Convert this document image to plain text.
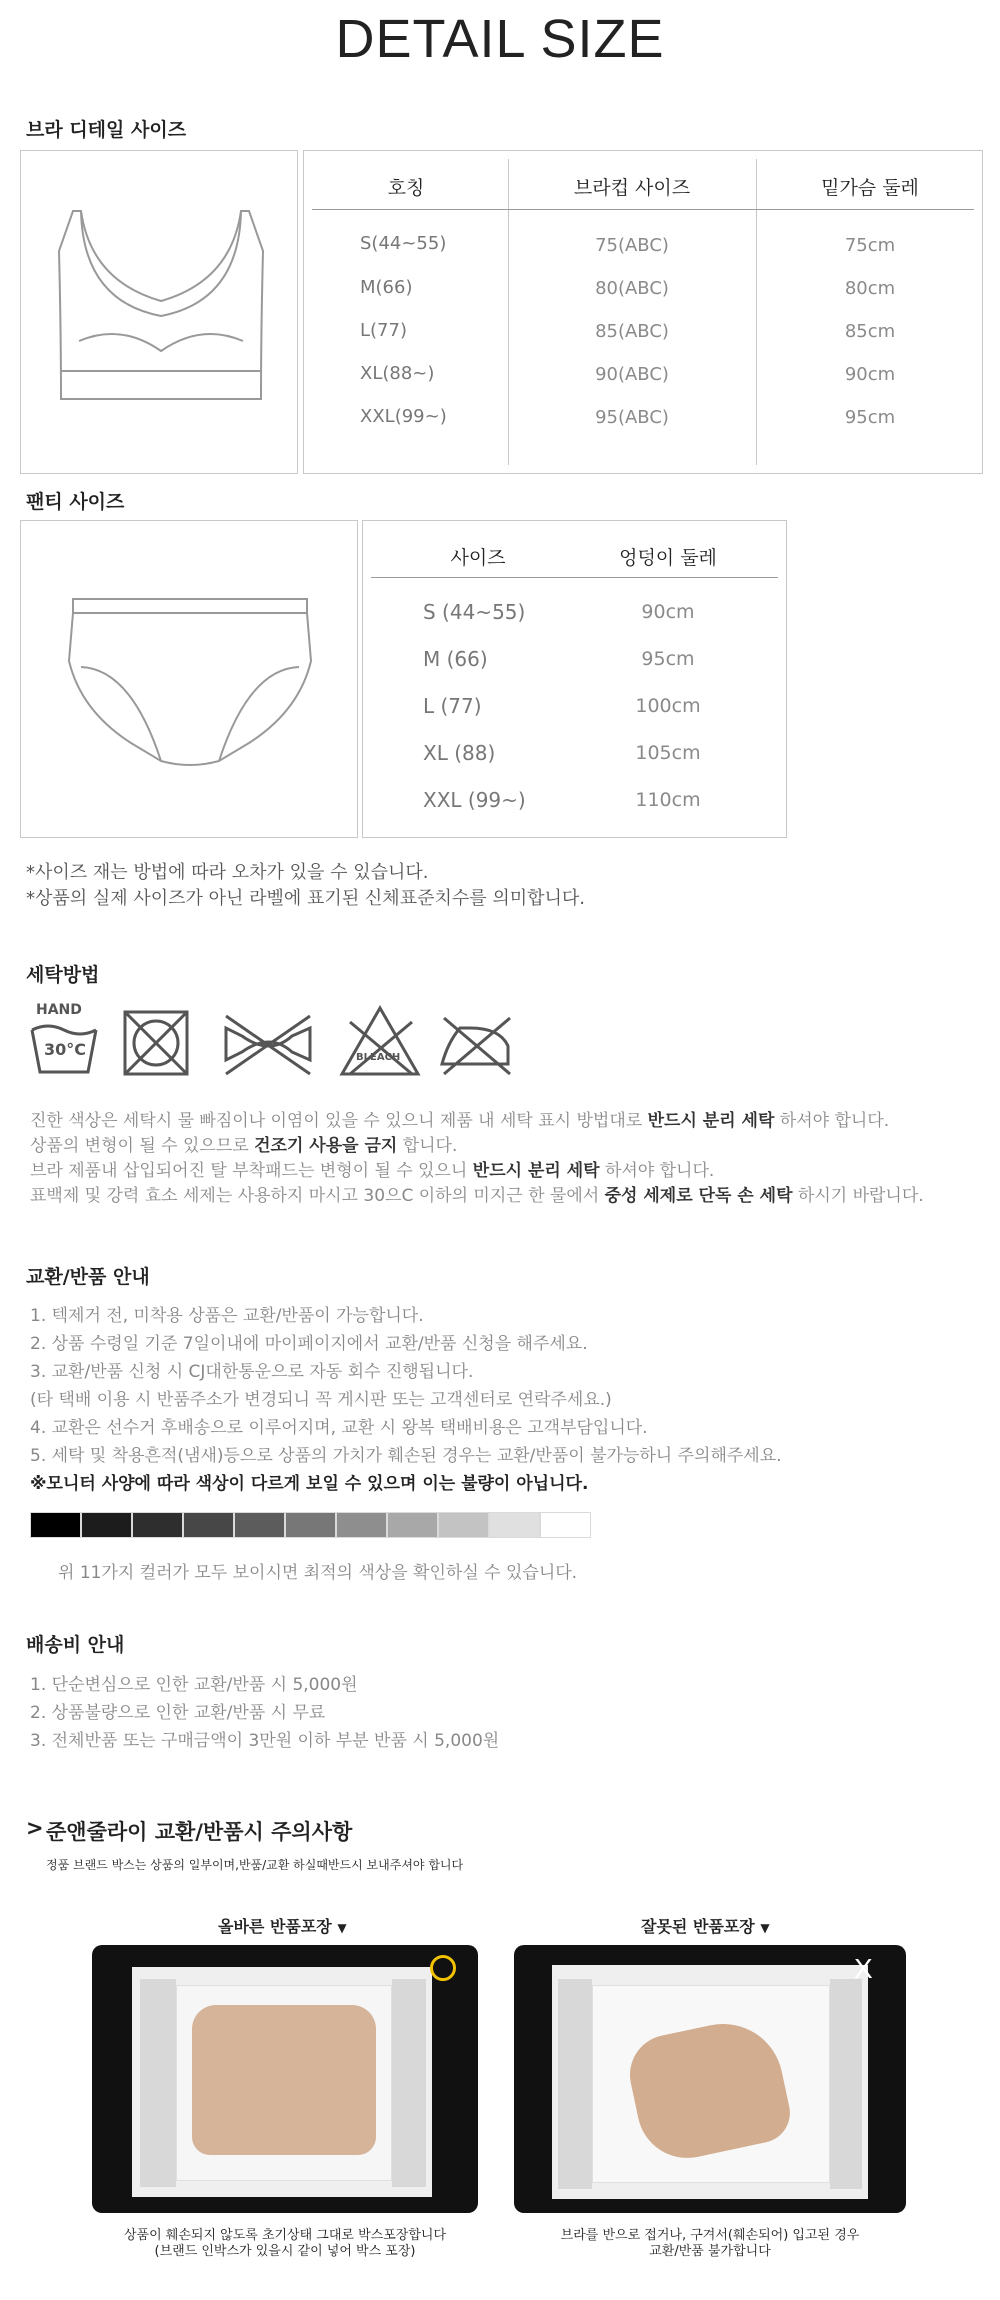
DETAIL SIZE
브라 디테일 사이즈
호칭	브라컵 사이즈	밑가슴 둘레
S(44~55)	75(ABC)	75cm
M(66)	80(ABC)	80cm
L(77)	85(ABC)	85cm
XL(88~)	90(ABC)	90cm
XXL(99~)	95(ABC)	95cm
팬티 사이즈
사이즈	엉덩이 둘레
S (44~55)	90cm
M (66)	95cm
L (77)	100cm
XL (88)	105cm
XXL (99~)	110cm
*사이즈 재는 방법에 따라 오차가 있을 수 있습니다.
*상품의 실제 사이즈가 아닌 라벨에 표기된 신체표준치수를 의미합니다.
세탁방법
HAND
30°C	BLEACH
진한 색상은 세탁시 물 빠짐이나 이염이 있을 수 있으니 제품 내 세탁 표시 방법대로 반드시 분리 세탁 하셔야 합니다.
상품의 변형이 될 수 있으므로 건조기 사용을 금지 합니다.
브라 제품내 삽입되어진 탈 부착패드는 변형이 될 수 있으니 반드시 분리 세탁 하셔야 합니다.
표백제 및 강력 효소 세제는 사용하지 마시고 30으C 이하의 미지근 한 물에서 중성 세제로 단독 손 세탁 하시기 바랍니다.
교환/반품 안내
1. 텍제거 전, 미착용 상품은 교환/반품이 가능합니다.
2. 상품 수령일 기준 7일이내에 마이페이지에서 교환/반품 신청을 해주세요.
3. 교환/반품 신청 시 CJ대한통운으로 자동 회수 진행됩니다.
(타 택배 이용 시 반품주소가 변경되니 꼭 게시판 또는 고객센터로 연락주세요.)
4. 교환은 선수거 후배송으로 이루어지며, 교환 시 왕복 택배비용은 고객부담입니다.
5. 세탁 및 착용흔적(냄새)등으로 상품의 가치가 훼손된 경우는 교환/반품이 불가능하니 주의해주세요.
※모니터 사양에 따라 색상이 다르게 보일 수 있으며 이는 불량이 아닙니다.
위 11가지 컬러가 모두 보이시면 최적의 색상을 확인하실 수 있습니다.
배송비 안내
1. 단순변심으로 인한 교환/반품 시 5,000원
2. 상품불량으로 인한 교환/반품 시 무료
3. 전체반품 또는 구매금액이 3만원 이하 부분 반품 시 5,000원
> 준앤줄라이 교환/반품시 주의사항
정품 브랜드 박스는 상품의 일부이며,반품/교환 하실때반드시 보내주셔야 합니다
올바른 반품포장 ▼	잘못된 반품포장 ▼
상품이 훼손되지 않도록 초기상태 그대로 박스포장합니다
(브랜드 인박스가 있을시 같이 넣어 박스 포장)
X
브라를 반으로 접거나, 구겨서(훼손되어) 입고된 경우
교환/반품 불가합니다
